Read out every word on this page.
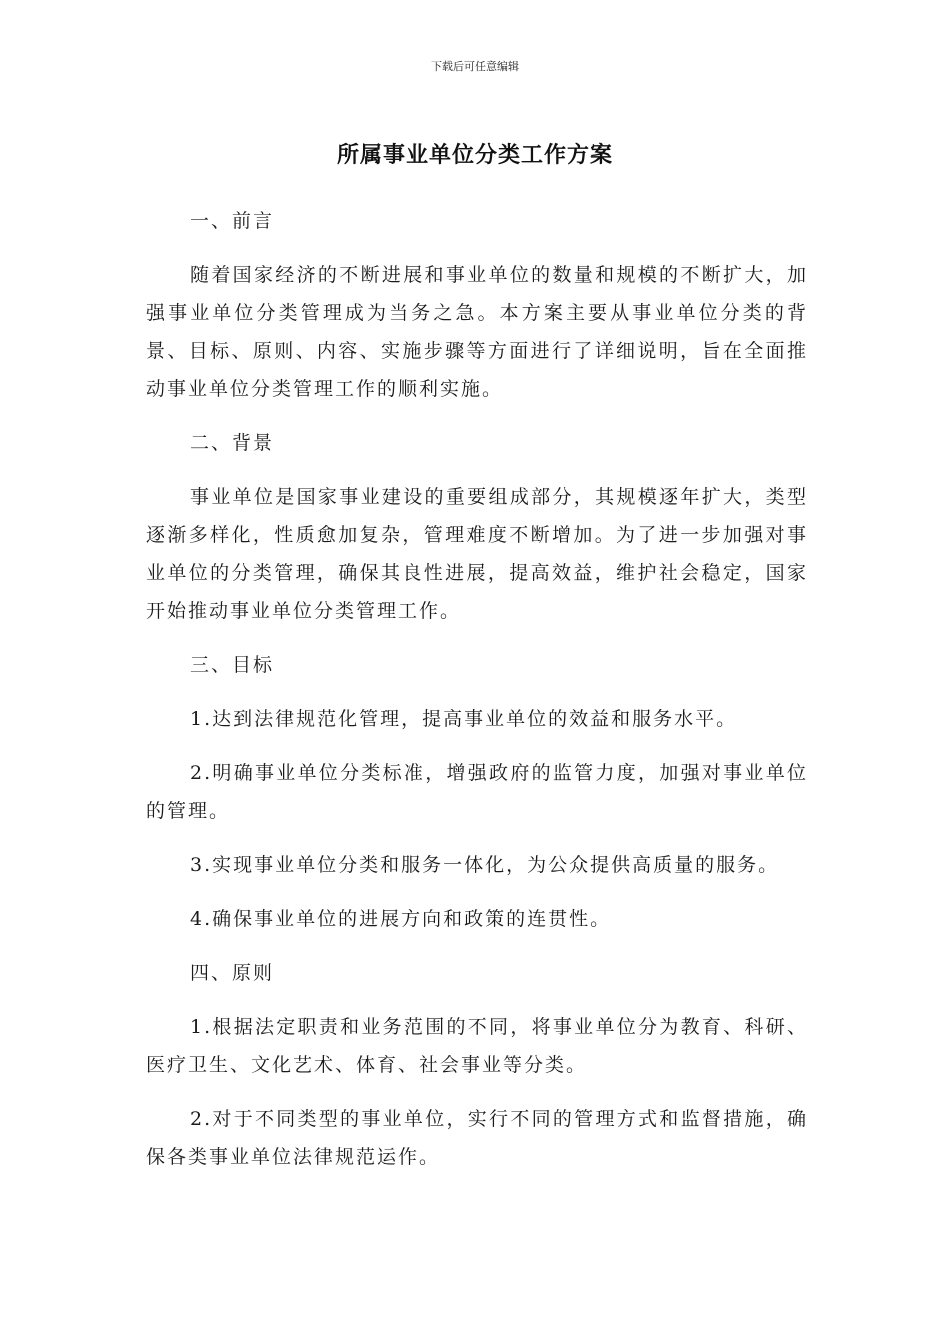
下载后可任意编辑
所属事业单位分类工作方案

一、前言

随着国家经济的不断进展和事业单位的数量和规模的不断扩大，加强事业单位分类管理成为当务之急。本方案主要从事业单位分类的背景、目标、原则、内容、实施步骤等方面进行了详细说明，旨在全面推动事业单位分类管理工作的顺利实施。

二、背景

事业单位是国家事业建设的重要组成部分，其规模逐年扩大，类型逐渐多样化，性质愈加复杂，管理难度不断增加。为了进一步加强对事业单位的分类管理，确保其良性进展，提高效益，维护社会稳定，国家开始推动事业单位分类管理工作。

三、目标

1.达到法律规范化管理，提高事业单位的效益和服务水平。

2.明确事业单位分类标准，增强政府的监管力度，加强对事业单位的管理。

3.实现事业单位分类和服务一体化，为公众提供高质量的服务。

4.确保事业单位的进展方向和政策的连贯性。

四、原则

1.根据法定职责和业务范围的不同，将事业单位分为教育、科研、医疗卫生、文化艺术、体育、社会事业等分类。

2.对于不同类型的事业单位，实行不同的管理方式和监督措施，确保各类事业单位法律规范运作。
